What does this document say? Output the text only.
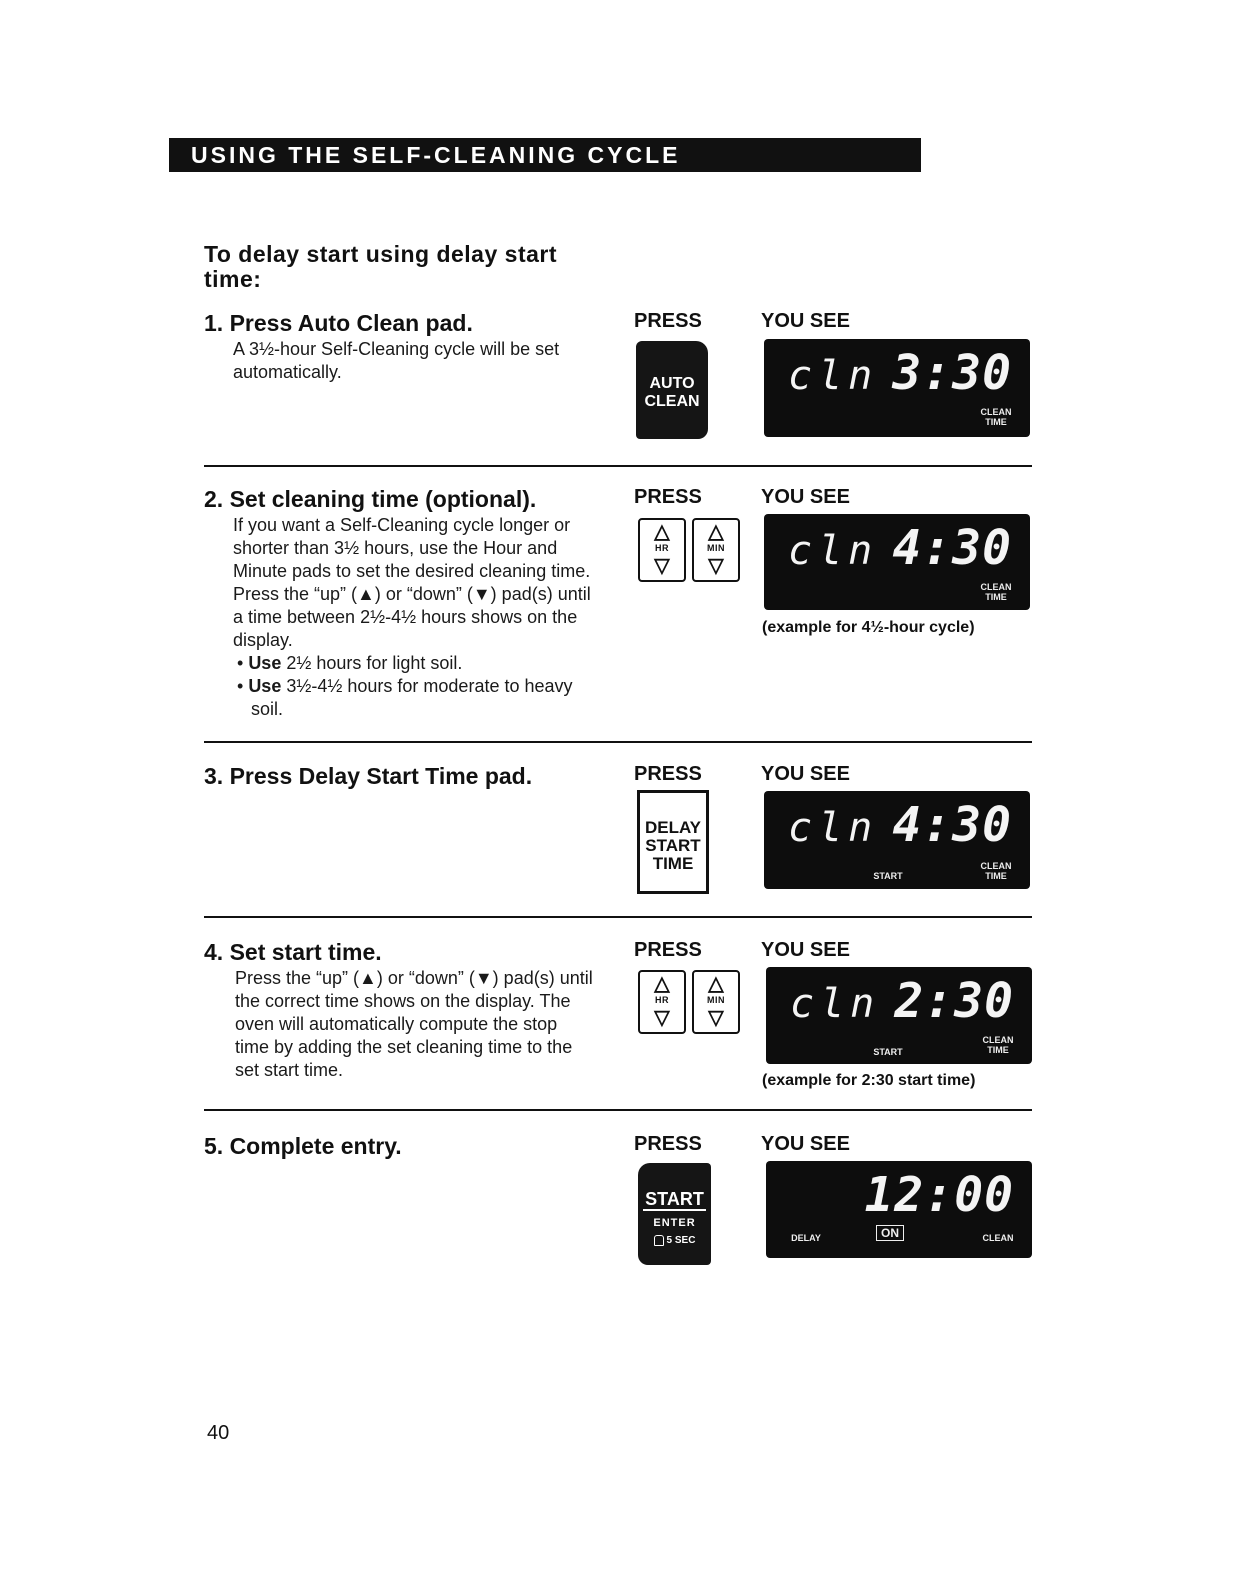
USING THE SELF-CLEANING CYCLE
To delay start using delay start time:
1. Press Auto Clean pad.
A 3½-hour Self-Cleaning cycle will be set automatically.
PRESS	YOU SEE
AUTO
CLEAN
cln 3:30
CLEAN TIME
2. Set cleaning time (optional).

If you want a Self-Cleaning cycle longer or shorter than 3½ hours, use the Hour and Minute pads to set the desired cleaning time. Press the “up” (▲) or “down” (▼) pad(s) until a time between 2½-4½ hours shows on the display.

• Use 2½ hours for light soil.

• Use 3½-4½ hours for moderate to heavy soil.

PRESS	YOU SEE
△
HR
▽
△
MIN
▽	cln 4:30
CLEAN TIME
(example for 4½-hour cycle)
3. Press Delay Start Time pad.	PRESS	YOU SEE
DELAY
START
TIME
cln 4:30
START
CLEAN TIME
4. Set start time.
Press the “up” (▲) or “down” (▼) pad(s) until the correct time shows on the display. The oven will automatically compute the stop time by adding the set cleaning time to the set start time.
PRESS	YOU SEE
△
HR
▽
△
MIN
▽	cln 2:30
START
CLEAN TIME
(example for 2:30 start time)
5. Complete entry.	PRESS	YOU SEE
START
ENTER
5 SEC
12:00
DELAY	ON	CLEAN
40
